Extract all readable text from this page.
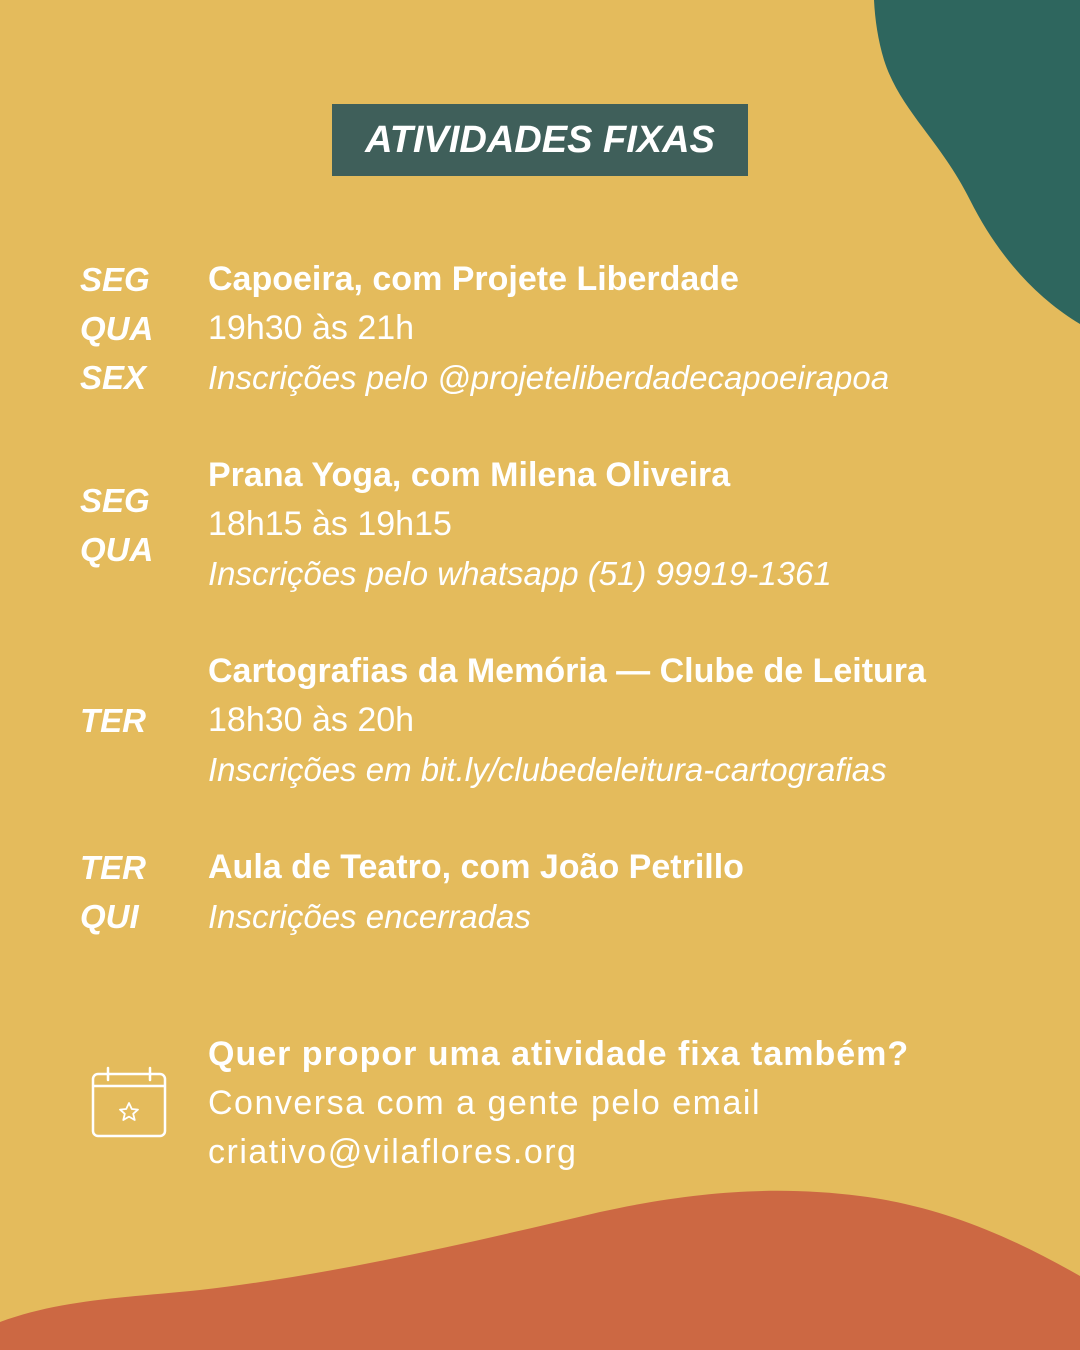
ATIVIDADES FIXAS
SEG
QUA
SEX
Capoeira, com Projete Liberdade
19h30 às 21h
Inscrições pelo @projeteliberdadecapoeirapoa
SEG
QUA
Prana Yoga, com Milena Oliveira
18h15 às 19h15
Inscrições pelo whatsapp (51) 99919-1361
TER
Cartografias da Memória — Clube de Leitura
18h30 às 20h
Inscrições em bit.ly/clubedeleitura-cartografias
TER
QUI
Aula de Teatro, com João Petrillo
Inscrições encerradas
Quer propor uma atividade fixa também?
Conversa com a gente pelo email
criativo@vilaflores.org
